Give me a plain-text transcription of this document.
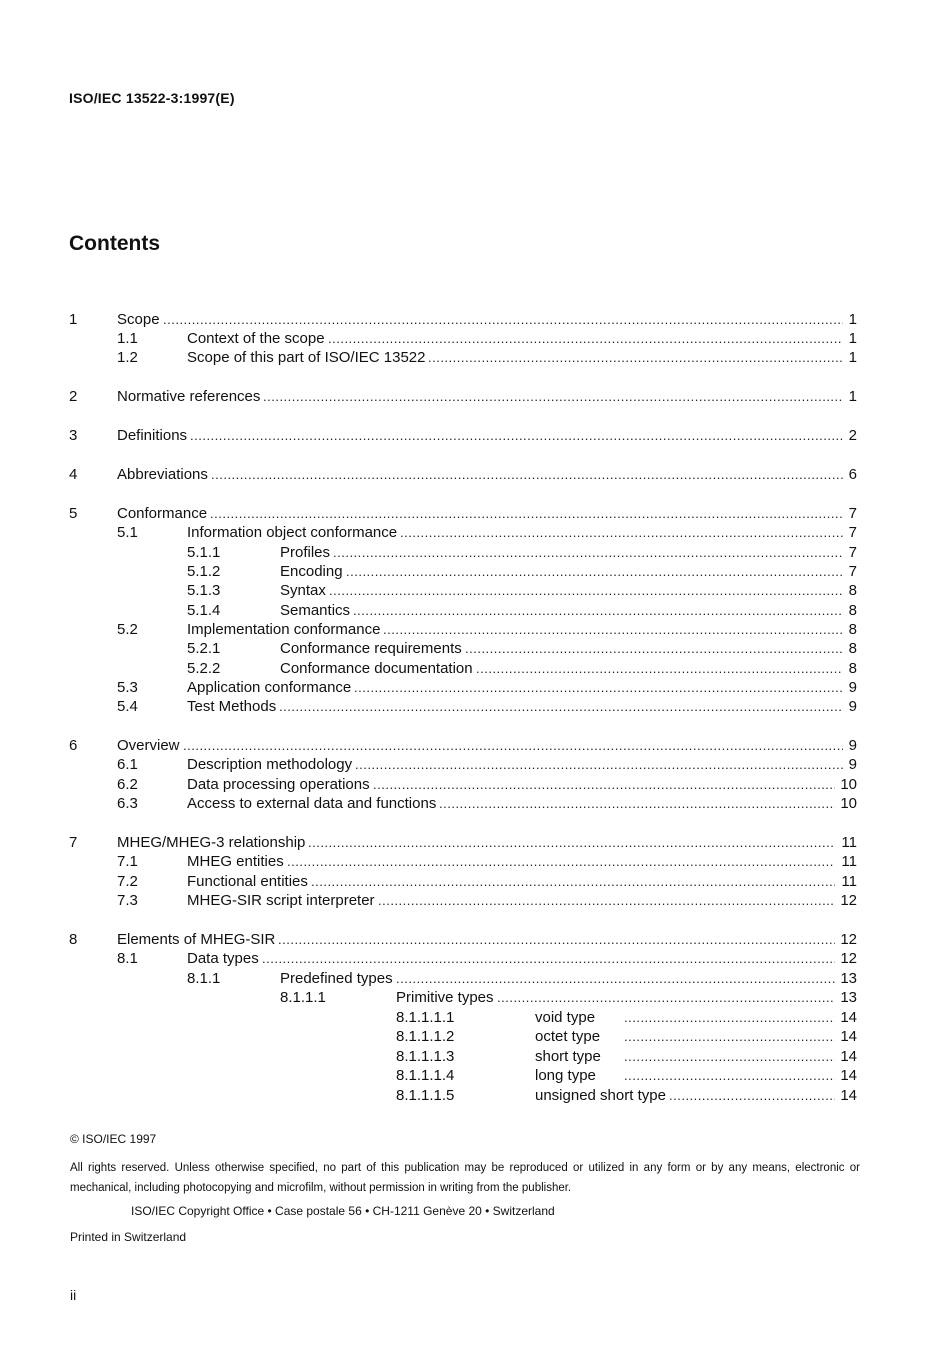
ISO/IEC 13522-3:1997(E)
Contents
1	Scope .....	1
1.1	Context of the scope .....	1
1.2	Scope of this part of ISO/IEC 13522 .....	1
2	Normative references .....	1
3	Definitions .....	2
4	Abbreviations .....	6
5	Conformance .....	7
5.1	Information object conformance .....	7
5.1.1	Profiles .....	7
5.1.2	Encoding .....	7
5.1.3	Syntax .....	8
5.1.4	Semantics .....	8
5.2	Implementation conformance .....	8
5.2.1	Conformance requirements .....	8
5.2.2	Conformance documentation .....	8
5.3	Application conformance .....	9
5.4	Test Methods .....	9
6	Overview .....	9
6.1	Description methodology .....	9
6.2	Data processing operations .....	10
6.3	Access to external data and functions .....	10
7	MHEG/MHEG-3 relationship .....	11
7.1	MHEG entities .....	11
7.2	Functional entities .....	11
7.3	MHEG-SIR script interpreter .....	12
8	Elements of MHEG-SIR .....	12
8.1	Data types .....	12
8.1.1	Predefined types .....	13
8.1.1.1	Primitive types .....	13
8.1.1.1.1	void type .....	14
8.1.1.1.2	octet type .....	14
8.1.1.1.3	short type .....	14
8.1.1.1.4	long type .....	14
8.1.1.1.5	unsigned short type .....	14
© ISO/IEC 1997
All rights reserved. Unless otherwise specified, no part of this publication may be reproduced or utilized in any form or by any means, electronic or mechanical, including photocopying and microfilm, without permission in writing from the publisher.
ISO/IEC Copyright Office • Case postale 56 • CH-1211 Genève 20 • Switzerland
Printed in Switzerland
ii
